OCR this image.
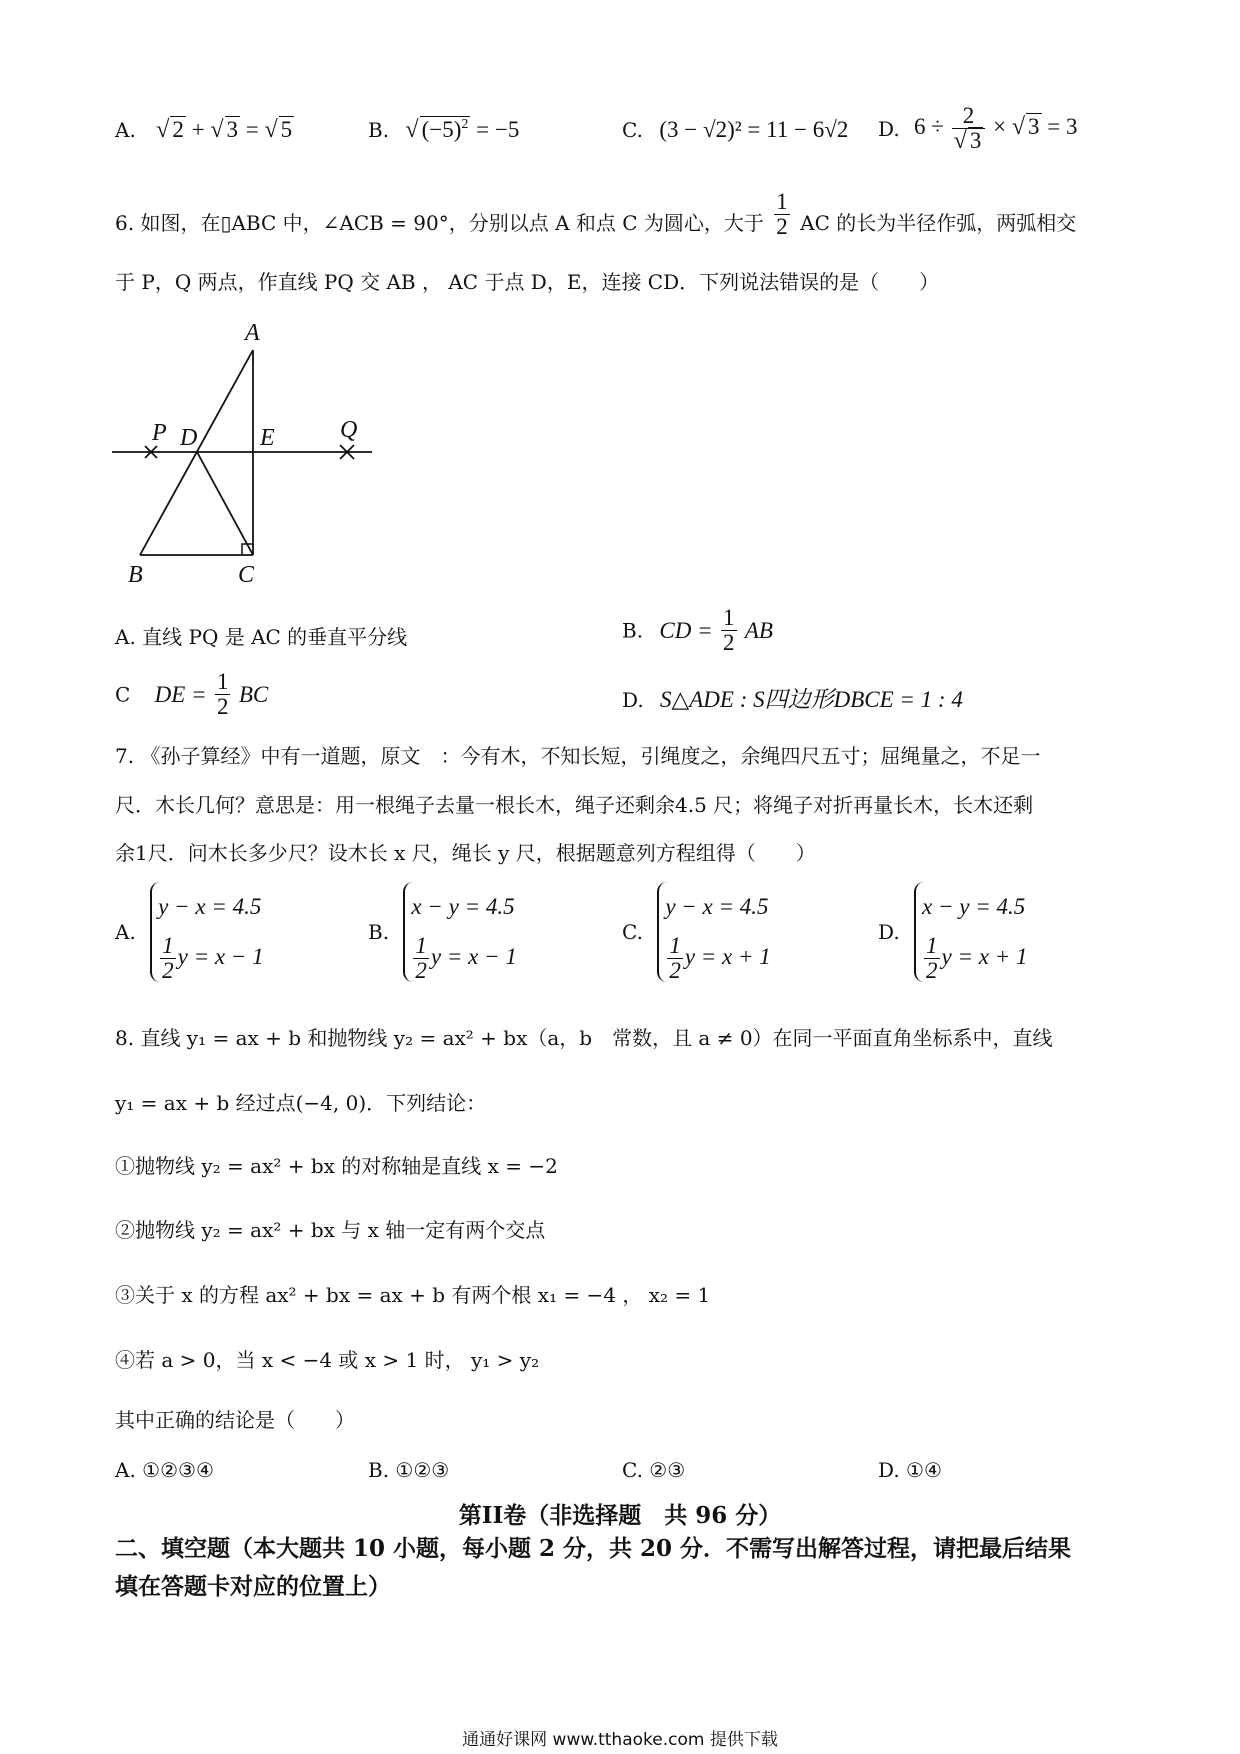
A. √ 2 + √ 3 = √ 5	B. √ $(-5)^2 = -5$	C. (3 − √2)² = 11 − 6√2 D. $6 \div \frac{2}{√ 3}$ × √ 3 = 3
6. 如图，在▯ABC 中，∠ACB = 90°，分别以点 A 和点 C 为圆心，大于 $\frac{1}{2}$ AC 的长为半径作弧，两弧相交
于 P，Q 两点，作直线 PQ 交 AB ， AC 于点 D，E，连接 CD．下列说法错误的是（　　）
A
P D	E	Q
B	C
A. 直线 PQ 是 AC 的垂直平分线	B. CD = $\frac{1}{2}$ AB
C DE = $\frac{1}{2}$ BC	D. S△ADE : S四边形DBCE = 1 : 4
7. 《孙子算经》中有一道题，原文　：今有木，不知长短，引绳度之，余绳四尺五寸；屈绳量之，不足一
尺．木长几何？意思是：用一根绳子去量一根长木，绳子还剩余4.5 尺；将绳子对折再量长木，长木还剩
余1尺．问木长多少尺？设木长 x 尺，绳长 y 尺，根据题意列方程组得（　　）
A.
y − x = 4.5
$\frac{1}{2}$ y = x − 1
B.
x − y = 4.5
$\frac{1}{2}$ y = x − 1
C.
y − x = 4.5
$\frac{1}{2}$ y = x + 1
D.
x − y = 4.5
$\frac{1}{2}$ y = x + 1
8. 直线 y₁ = ax + b 和抛物线 y₂ = ax² + bx（a，b　常数，且 a ≠ 0）在同一平面直角坐标系中，直线
y₁ = ax + b 经过点(−4, 0)．下列结论：
①抛物线 y₂ = ax² + bx 的对称轴是直线 x = −2
②抛物线 y₂ = ax² + bx 与 x 轴一定有两个交点
③关于 x 的方程 ax² + bx = ax + b 有两个根 x₁ = −4 ， x₂ = 1
④若 a > 0，当 x < −4 或 x > 1 时， y₁ > y₂
其中正确的结论是（　　）
A. ①②③④	B. ①②③	C. ②③	D. ①④
第II卷（非选择题　共 96 分）
二、填空题（本大题共 10 小题，每小题 2 分，共 20 分．不需写出解答过程，请把最后结果
填在答题卡对应的位置上）
通通好课网 www.tthaoke.com 提供下载
